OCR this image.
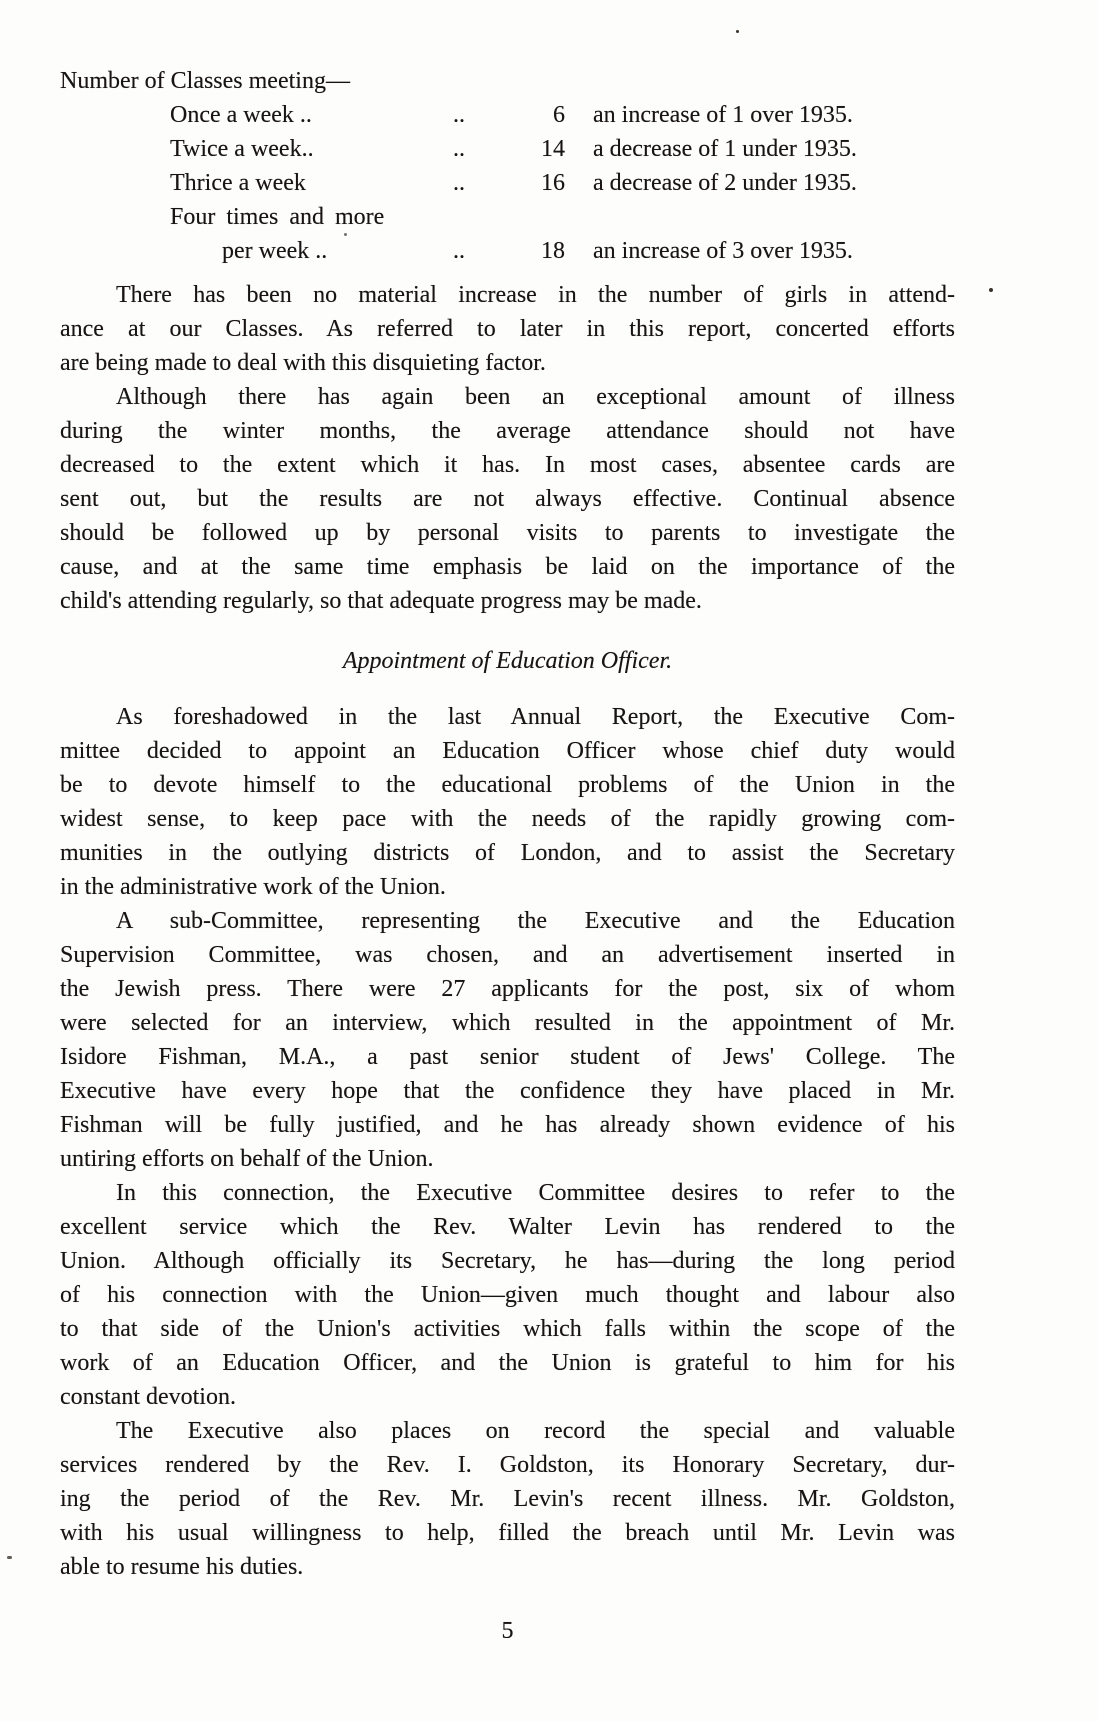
Number of Classes meeting—
Once a week ..	..	6 an increase of 1 over 1935.
Twice a week..	..	14 a decrease of 1 under 1935.
Thrice a week	..	16 a decrease of 2 under 1935.
Four times and more
per week ..	..	18 an increase of 3 over 1935.
There has been no material increase in the number of girls in attend-
ance at our Classes. As referred to later in this report, concerted efforts
are being made to deal with this disquieting factor.
Although there has again been an exceptional amount of illness
during the winter months, the average attendance should not have
decreased to the extent which it has. In most cases, absentee cards are
sent out, but the results are not always effective. Continual absence
should be followed up by personal visits to parents to investigate the
cause, and at the same time emphasis be laid on the importance of the
child's attending regularly, so that adequate progress may be made.
Appointment of Education Officer.
As foreshadowed in the last Annual Report, the Executive Com-
mittee decided to appoint an Education Officer whose chief duty would
be to devote himself to the educational problems of the Union in the
widest sense, to keep pace with the needs of the rapidly growing com-
munities in the outlying districts of London, and to assist the Secretary
in the administrative work of the Union.
A sub-Committee, representing the Executive and the Education
Supervision Committee, was chosen, and an advertisement inserted in
the Jewish press. There were 27 applicants for the post, six of whom
were selected for an interview, which resulted in the appointment of Mr.
Isidore Fishman, M.A., a past senior student of Jews' College. The
Executive have every hope that the confidence they have placed in Mr.
Fishman will be fully justified, and he has already shown evidence of his
untiring efforts on behalf of the Union.
In this connection, the Executive Committee desires to refer to the
excellent service which the Rev. Walter Levin has rendered to the
Union. Although officially its Secretary, he has—during the long period
of his connection with the Union—given much thought and labour also
to that side of the Union's activities which falls within the scope of the
work of an Education Officer, and the Union is grateful to him for his
constant devotion.
The Executive also places on record the special and valuable
services rendered by the Rev. I. Goldston, its Honorary Secretary, dur-
ing the period of the Rev. Mr. Levin's recent illness. Mr. Goldston,
with his usual willingness to help, filled the breach until Mr. Levin was
able to resume his duties.
5
